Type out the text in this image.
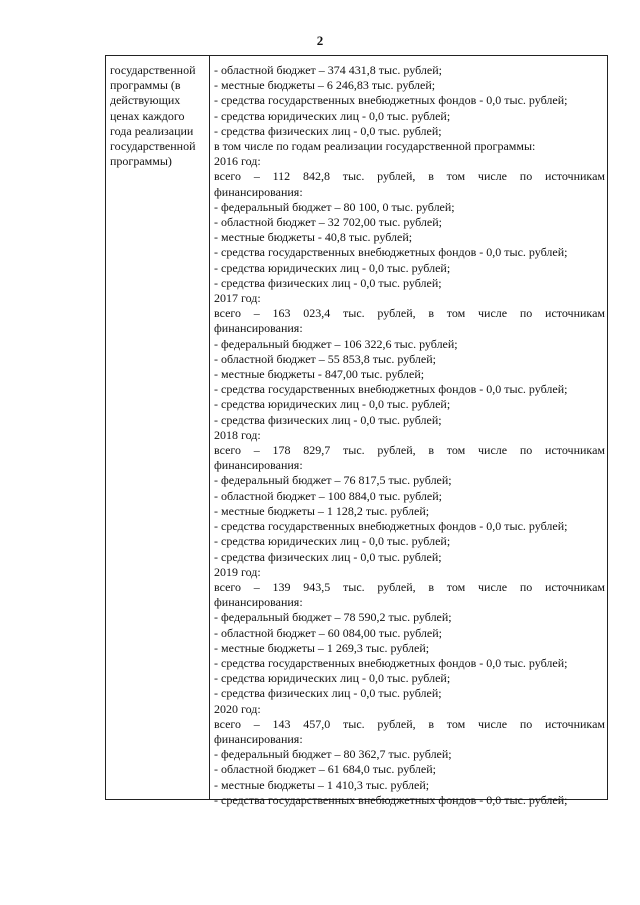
2
государственной
программы (в
действующих
ценах каждого
года реализации
государственной
программы)
- областной бюджет – 374 431,8 тыс. рублей;
- местные бюджеты – 6 246,83 тыс. рублей;
- средства государственных внебюджетных фондов - 0,0 тыс. рублей;
- средства юридических лиц - 0,0 тыс. рублей;
- средства физических лиц - 0,0 тыс. рублей;
в том числе по годам реализации государственной программы:
2016 год:
всего – 112 842,8 тыс. рублей, в том числе по источникам
финансирования:
- федеральный бюджет – 80 100, 0 тыс. рублей;
- областной бюджет – 32 702,00 тыс. рублей;
- местные бюджеты - 40,8 тыс. рублей;
- средства государственных внебюджетных фондов - 0,0 тыс. рублей;
- средства юридических лиц - 0,0 тыс. рублей;
- средства физических лиц - 0,0 тыс. рублей;
2017 год:
всего – 163 023,4 тыс. рублей, в том числе по источникам
финансирования:
- федеральный бюджет – 106 322,6 тыс. рублей;
- областной бюджет – 55 853,8 тыс. рублей;
- местные бюджеты - 847,00 тыс. рублей;
- средства государственных внебюджетных фондов - 0,0 тыс. рублей;
- средства юридических лиц - 0,0 тыс. рублей;
- средства физических лиц - 0,0 тыс. рублей;
2018 год:
всего – 178 829,7 тыс. рублей, в том числе по источникам
финансирования:
- федеральный бюджет – 76 817,5 тыс. рублей;
- областной бюджет – 100 884,0 тыс. рублей;
- местные бюджеты – 1 128,2 тыс. рублей;
- средства государственных внебюджетных фондов - 0,0 тыс. рублей;
- средства юридических лиц - 0,0 тыс. рублей;
- средства физических лиц - 0,0 тыс. рублей;
2019 год:
всего – 139 943,5 тыс. рублей, в том числе по источникам
финансирования:
- федеральный бюджет – 78 590,2 тыс. рублей;
- областной бюджет – 60 084,00 тыс. рублей;
- местные бюджеты – 1 269,3 тыс. рублей;
- средства государственных внебюджетных фондов - 0,0 тыс. рублей;
- средства юридических лиц - 0,0 тыс. рублей;
- средства физических лиц - 0,0 тыс. рублей;
2020 год:
всего – 143 457,0 тыс. рублей, в том числе по источникам
финансирования:
- федеральный бюджет – 80 362,7 тыс. рублей;
- областной бюджет – 61 684,0 тыс. рублей;
- местные бюджеты – 1 410,3 тыс. рублей;
- средства государственных внебюджетных фондов - 0,0 тыс. рублей;
